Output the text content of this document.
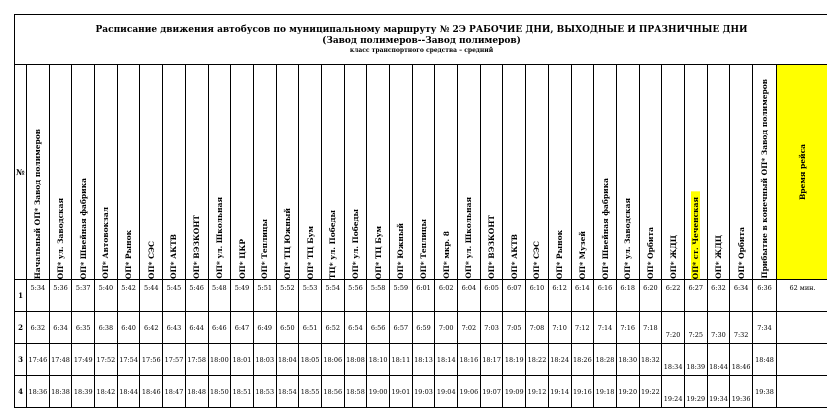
Расписание движения автобусов по муниципальному маршруту № 2Э РАБОЧИЕ ДНИ, ВЫХОДНЫЕ И ПРАЗНИЧНЫЕ ДНИ
(Завод полимеров--Завод полимеров)
класс транспортного средства – средний																																		

№	Начальный ОП* Завод полимеров	ОП* ул. Заводская	ОП* Швейная фабрика	ОП* Автовокзал	ОП* Рынок	ОП* СЭС	ОП* АКТВ	ОП* ВЭЗКОНТ	ОП* ул. Школьная	ОП* ЦКР	ОП* Теплицы	ОП* ТЦ Южный	ОП* ТЦ Бум	ТЦ* ул. Победы	ОП* ул. Победы	ОП* ТЦ Бум	ОП* Южный	ОП* Теплицы	ОП* мкр. 8	ОП* ул. Школьная	ОП* ВЭЗКОНТ	ОП* АКТВ	ОП* СЭС	ОП* Рынок	ОП* Музей	ОП* Швейная фабрика	ОП* ул. Заводская	ОП* Орбита	ОП* ЖДЦ	ОП* ст. Чеченская	ОП* ЖДЦ	ОП* Орбита	Прибытие в конечный ОП* Завод полимеров	Время рейса

1	5:34	5:36	5:37	5:40	5:42	5:44	5:45	5:46	5:48	5:49	5:51	5:52	5:53	5:54	5:56	5:58	5:59	6:01	6:02	6:04	6:05	6:07	6:10	6:12	6:14	6:16	6:18	6:20	6:22	6:27	6:32	6:34	6:36	62 мин.
2	6:32	6:34	6:35	6:38	6:40	6:42	6:43	6:44	6:46	6:47	6:49	6:50	6:51	6:52	6:54	6:56	6:57	6:59	7:00	7:02	7:03	7:05	7:08	7:10	7:12	7:14	7:16	7:18	7:20	7:25	7:30	7:32	7:34	
3	17:46	17:48	17:49	17:52	17:54	17:56	17:57	17:58	18:00	18:01	18:03	18:04	18:05	18:06	18:08	18:10	18:11	18:13	18:14	18:16	18:17	18:19	18:22	18:24	18:26	18:28	18:30	18:32	18:34	18:39	18:44	18:46	18:48	
4	18:36	18:38	18:39	18:42	18:44	18:46	18:47	18:48	18:50	18:51	18:53	18:54	18:55	18:56	18:58	19:00	19:01	19:03	19:04	19:06	19:07	19:09	19:12	19:14	19:16	19:18	19:20	19:22	19:24	19:29	19:34	19:36	19:38	
